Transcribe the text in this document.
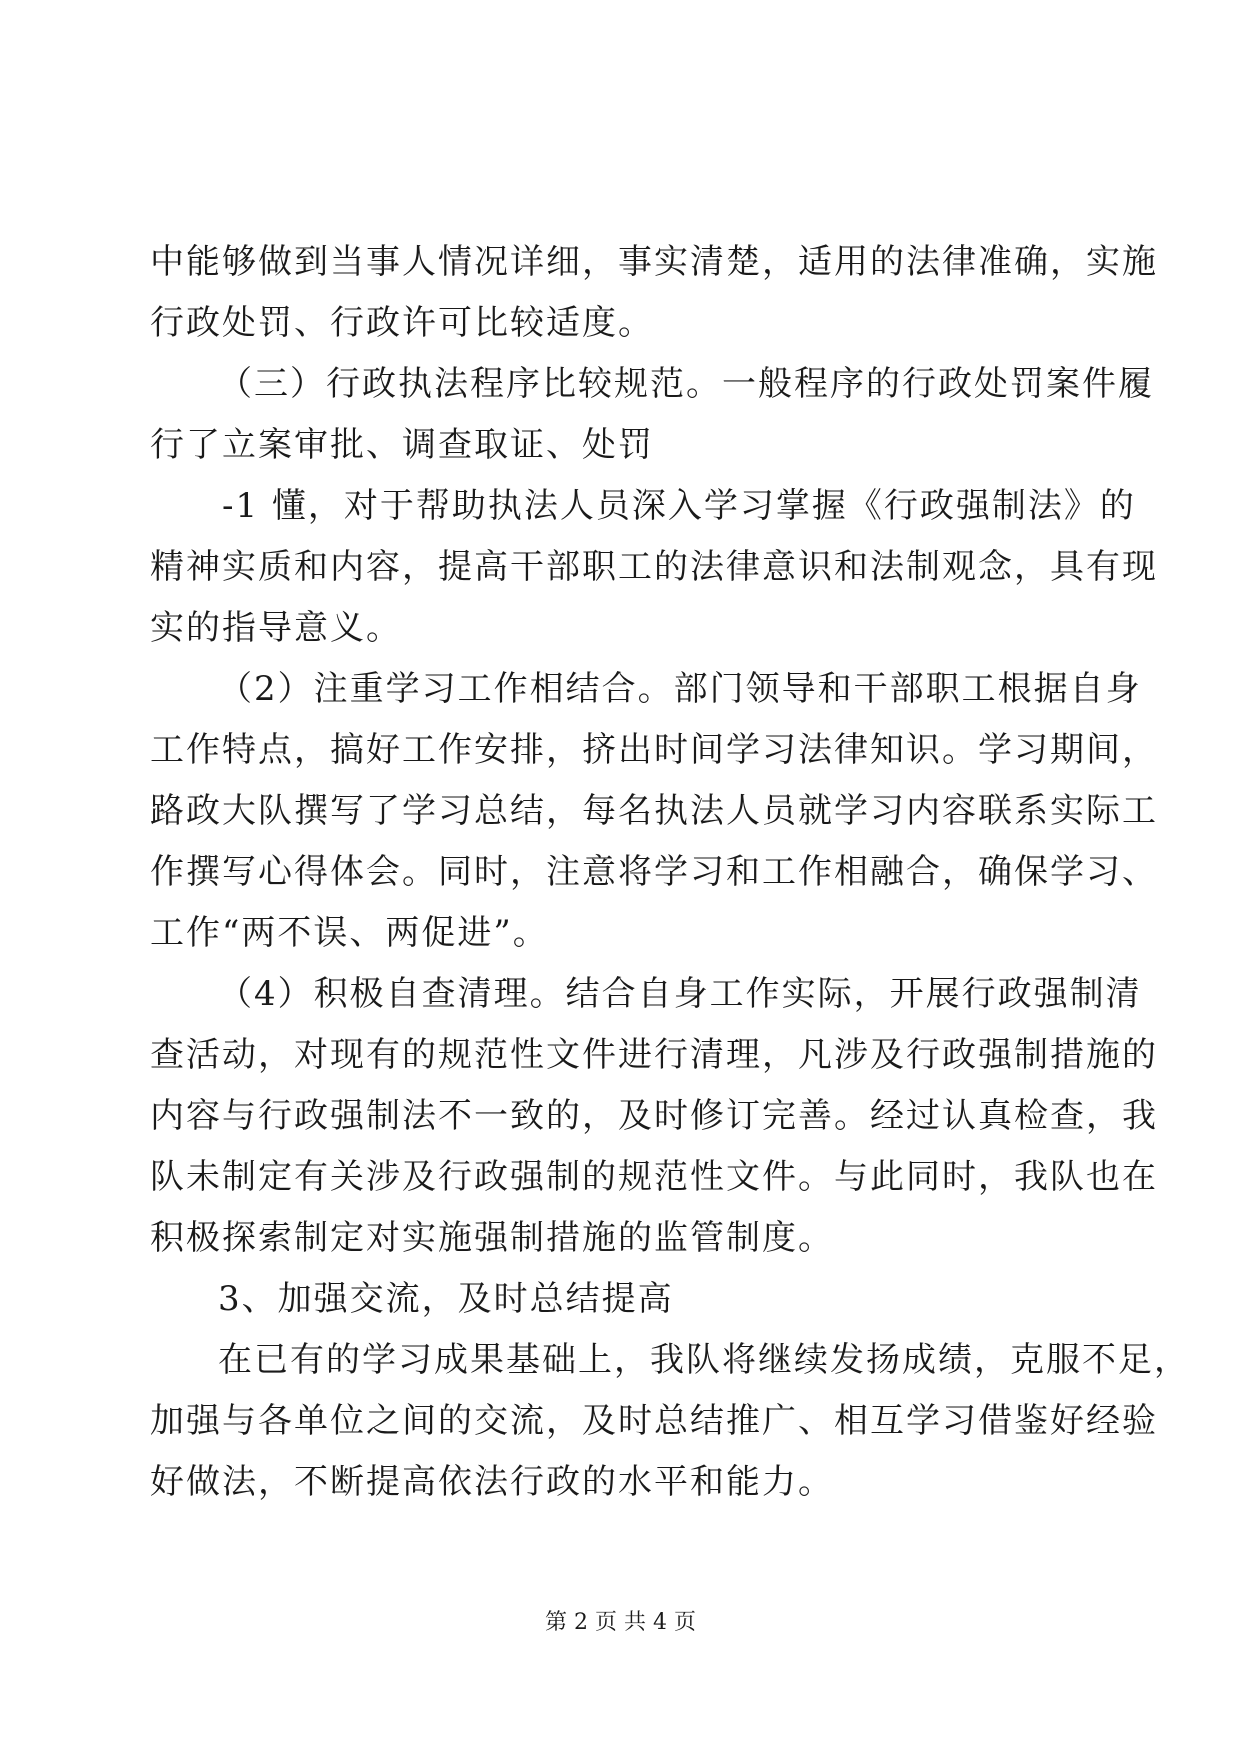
中能够做到当事人情况详细，事实清楚，适用的法律准确，实施
行政处罚、行政许可比较适度。
（三）行政执法程序比较规范。一般程序的行政处罚案件履
行了立案审批、调查取证、处罚
-1 懂，对于帮助执法人员深入学习掌握《行政强制法》的
精神实质和内容，提高干部职工的法律意识和法制观念，具有现
实的指导意义。
（2）注重学习工作相结合。部门领导和干部职工根据自身
工作特点，搞好工作安排，挤出时间学习法律知识。学习期间，
路政大队撰写了学习总结，每名执法人员就学习内容联系实际工
作撰写心得体会。同时，注意将学习和工作相融合，确保学习、
工作“两不误、两促进”。
（4）积极自查清理。结合自身工作实际，开展行政强制清
查活动，对现有的规范性文件进行清理，凡涉及行政强制措施的
内容与行政强制法不一致的，及时修订完善。经过认真检查，我
队未制定有关涉及行政强制的规范性文件。与此同时，我队也在
积极探索制定对实施强制措施的监管制度。
3、加强交流，及时总结提高
在已有的学习成果基础上，我队将继续发扬成绩，克服不足，
加强与各单位之间的交流，及时总结推广、相互学习借鉴好经验
好做法，不断提高依法行政的水平和能力。
第 2 页 共 4 页
